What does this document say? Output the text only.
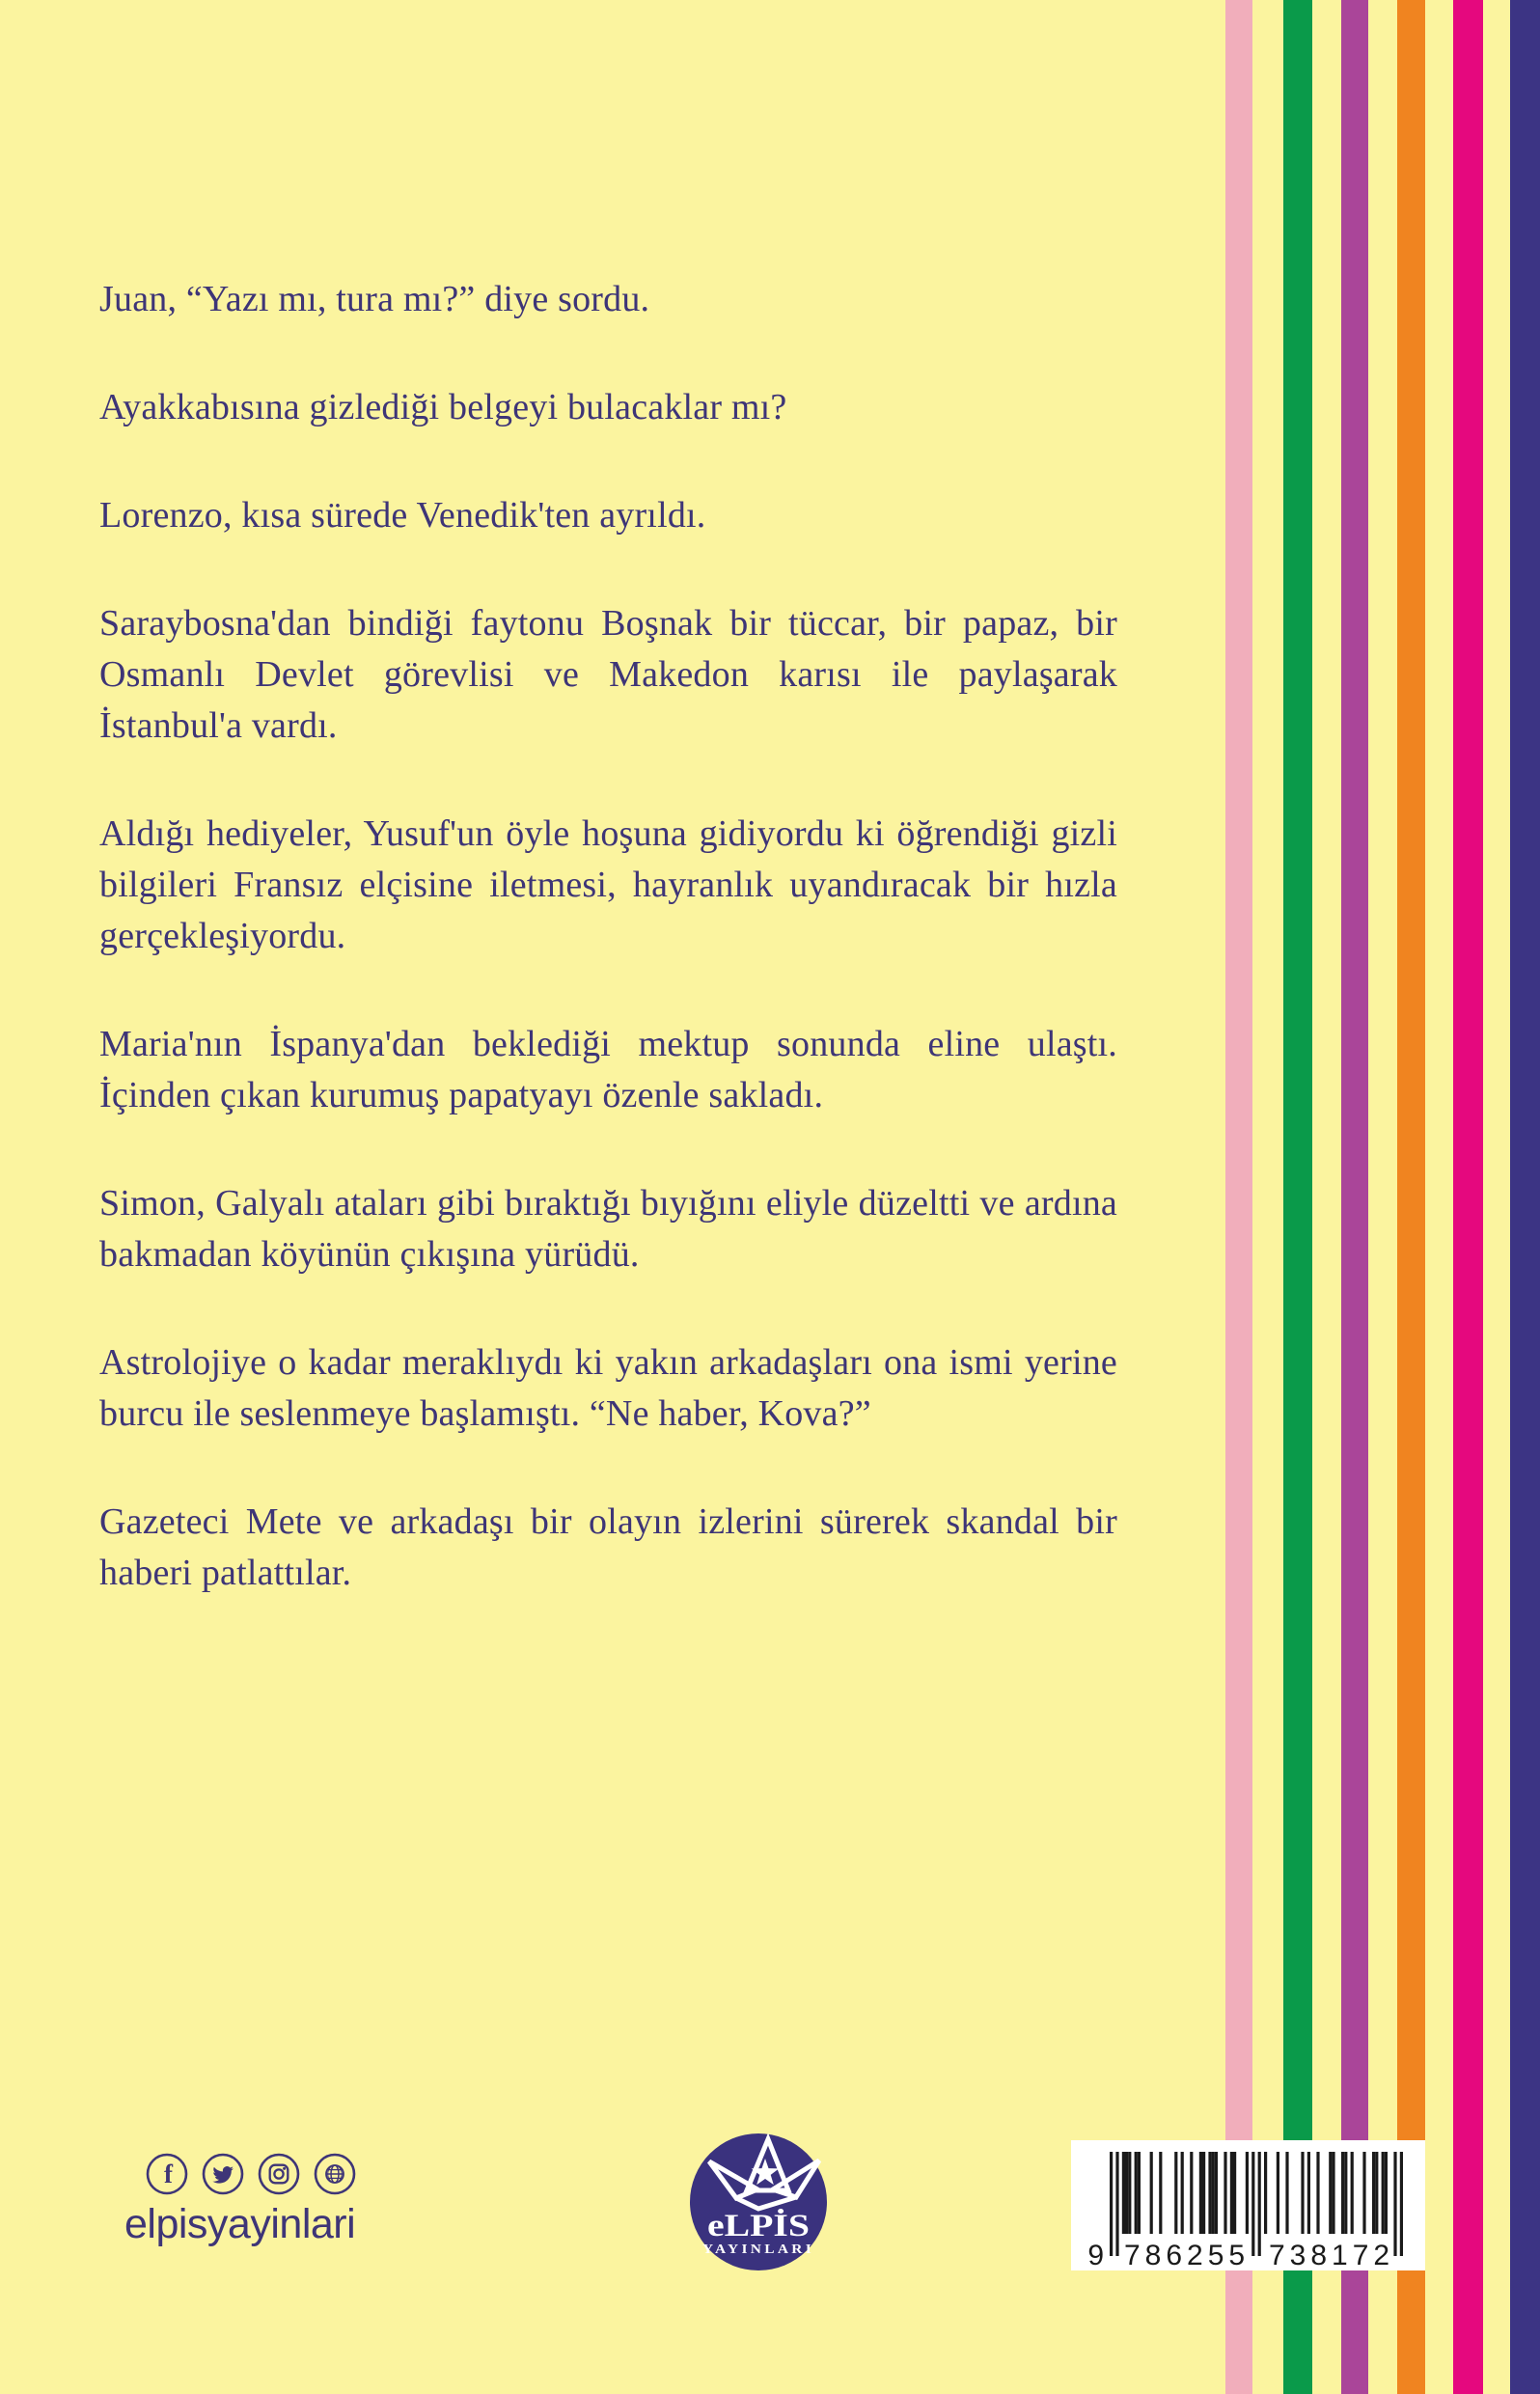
Juan, “Yazı mı, tura mı?” diye sordu.

Ayakkabısına gizlediği belgeyi bulacaklar mı?

Lorenzo, kısa sürede Venedik'ten ayrıldı.

Saraybosna'dan bindiği faytonu Boşnak bir tüccar, bir papaz, bir Osmanlı Devlet görevlisi ve Makedon karısı ile paylaşarak İstanbul'a vardı.

Aldığı hediyeler, Yusuf'un öyle hoşuna gidiyordu ki öğrendiği gizli bilgileri Fransız elçisine iletmesi, hayranlık uyandıracak bir hızla gerçekleşiyordu.

Maria'nın İspanya'dan beklediği mektup sonunda eline ulaştı. İçinden çıkan kurumuş papatyayı özenle sakladı.

Simon, Galyalı ataları gibi bıraktığı bıyığını eliyle düzeltti ve ardına bakmadan köyünün çıkışına yürüdü.

Astrolojiye o kadar meraklıydı ki yakın arkadaşları ona ismi yerine burcu ile seslenmeye başlamıştı. “Ne haber, Kova?”

Gazeteci Mete ve arkadaşı bir olayın izlerini sürerek skandal bir haberi patlattılar.

f
elpisyayinlari	eLPİS
YAYINLARI	9 786255 738172
